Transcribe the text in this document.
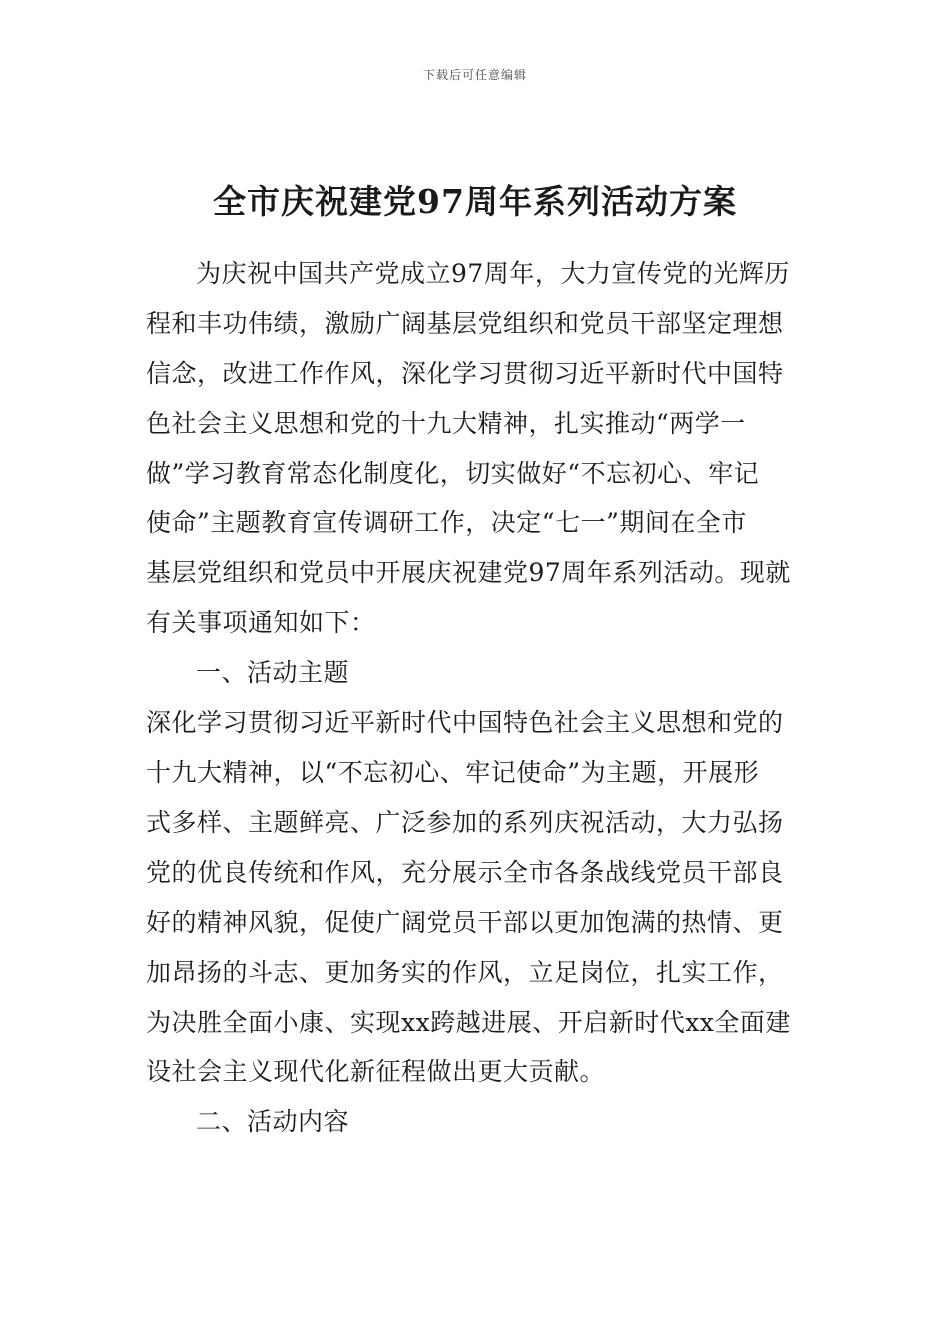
下载后可任意编辑
全市庆祝建党97周年系列活动方案
为庆祝中国共产党成立97周年，大力宣传党的光辉历
程和丰功伟绩，激励广阔基层党组织和党员干部坚定理想
信念，改进工作作风，深化学习贯彻习近平新时代中国特
色社会主义思想和党的十九大精神，扎实推动“两学一
做”学习教育常态化制度化，切实做好“不忘初心、牢记
使命”主题教育宣传调研工作，决定“七一”期间在全市
基层党组织和党员中开展庆祝建党97周年系列活动。现就
有关事项通知如下：
一、活动主题
深化学习贯彻习近平新时代中国特色社会主义思想和党的
十九大精神，以“不忘初心、牢记使命”为主题，开展形
式多样、主题鲜亮、广泛参加的系列庆祝活动，大力弘扬
党的优良传统和作风，充分展示全市各条战线党员干部良
好的精神风貌，促使广阔党员干部以更加饱满的热情、更
加昂扬的斗志、更加务实的作风，立足岗位，扎实工作，
为决胜全面小康、实现xx跨越进展、开启新时代xx全面建
设社会主义现代化新征程做出更大贡献。
二、活动内容
